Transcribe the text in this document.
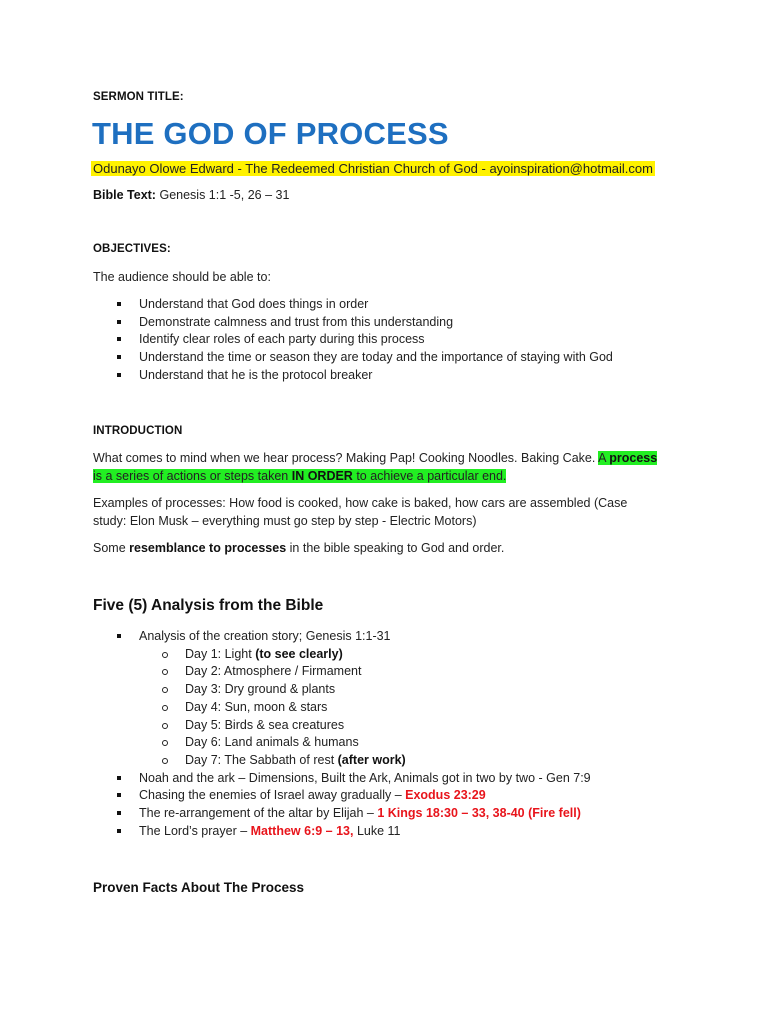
SERMON TITLE:
THE GOD OF PROCESS
Odunayo Olowe Edward - The Redeemed Christian Church of God - ayoinspiration@hotmail.com
Bible Text: Genesis 1:1 -5, 26 – 31
OBJECTIVES:
The audience should be able to:
Understand that God does things in order
Demonstrate calmness and trust from this understanding
Identify clear roles of each party during this process
Understand the time or season they are today and the importance of staying with God
Understand that he is the protocol breaker
INTRODUCTION
What comes to mind when we hear process? Making Pap! Cooking Noodles. Baking Cake. A process
is a series of actions or steps taken IN ORDER to achieve a particular end.
Examples of processes: How food is cooked, how cake is baked, how cars are assembled (Case
study: Elon Musk – everything must go step by step - Electric Motors)
Some resemblance to processes in the bible speaking to God and order.
Five (5) Analysis from the Bible
Analysis of the creation story; Genesis 1:1-31
Day 1: Light (to see clearly)
Day 2: Atmosphere / Firmament
Day 3: Dry ground & plants
Day 4: Sun, moon & stars
Day 5: Birds & sea creatures
Day 6: Land animals & humans
Day 7: The Sabbath of rest (after work)
Noah and the ark – Dimensions, Built the Ark, Animals got in two by two - Gen 7:9
Chasing the enemies of Israel away gradually – Exodus 23:29
The re-arrangement of the altar by Elijah – 1 Kings 18:30 – 33, 38-40 (Fire fell)
The Lord’s prayer – Matthew 6:9 – 13, Luke 11
Proven Facts About The Process
